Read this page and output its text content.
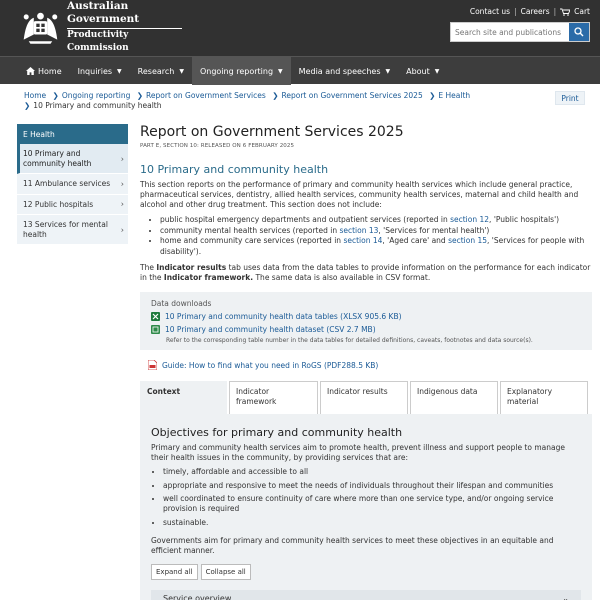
Australian Government
Productivity Commission
Contact us | Careers | Cart
Search site and publications
Home Inquiries ▼ Research ▼ Ongoing reporting ▼ Media and speeches ▼ About ▼
Home ❯ Ongoing reporting ❯ Report on Government Services ❯ Report on Government Services 2025 ❯ E Health
❯ 10 Primary and community health
Print
E Health
10 Primary and community health
›
11 Ambulance services ›
12 Public hospitals	›
13 Services for mental health
›
Report on Government Services 2025
PART E, SECTION 10: RELEASED ON 6 FEBRUARY 2025
10 Primary and community health

This section reports on the performance of primary and community health services which include general practice, pharmaceutical services, dentistry, allied health services, community health services, maternal and child health and alcohol and other drug treatment. This section does not include:

• public hospital emergency departments and outpatient services (reported in section 12, 'Public hospitals')
• community mental health services (reported in section 13, 'Services for mental health')
• home and community care services (reported in section 14, 'Aged care' and section 15, 'Services for people with disability').

The Indicator results tab uses data from the data tables to provide information on the performance for each indicator in the Indicator framework. The same data is also available in CSV format.

Data downloads
10 Primary and community health data tables (XLSX 905.6 KB)
10 Primary and community health dataset (CSV 2.7 MB)
Refer to the corresponding table number in the data tables for detailed definitions, caveats, footnotes and data source(s).
Guide: How to find what you need in RoGS (PDF288.5 KB)
Context	Indicator framework
Indicator results	Indigenous data	Explanatory material
Objectives for primary and community health

Primary and community health services aim to promote health, prevent illness and support people to manage their health issues in the community, by providing services that are:

• timely, affordable and accessible to all
• appropriate and responsive to meet the needs of individuals throughout their lifespan and communities
• well coordinated to ensure continuity of care where more than one service type, and/or ongoing service provision is required
• sustainable.

Governments aim for primary and community health services to meet these objectives in an equitable and efficient manner.

Expand all	Collapse all
Service overview	⌄
